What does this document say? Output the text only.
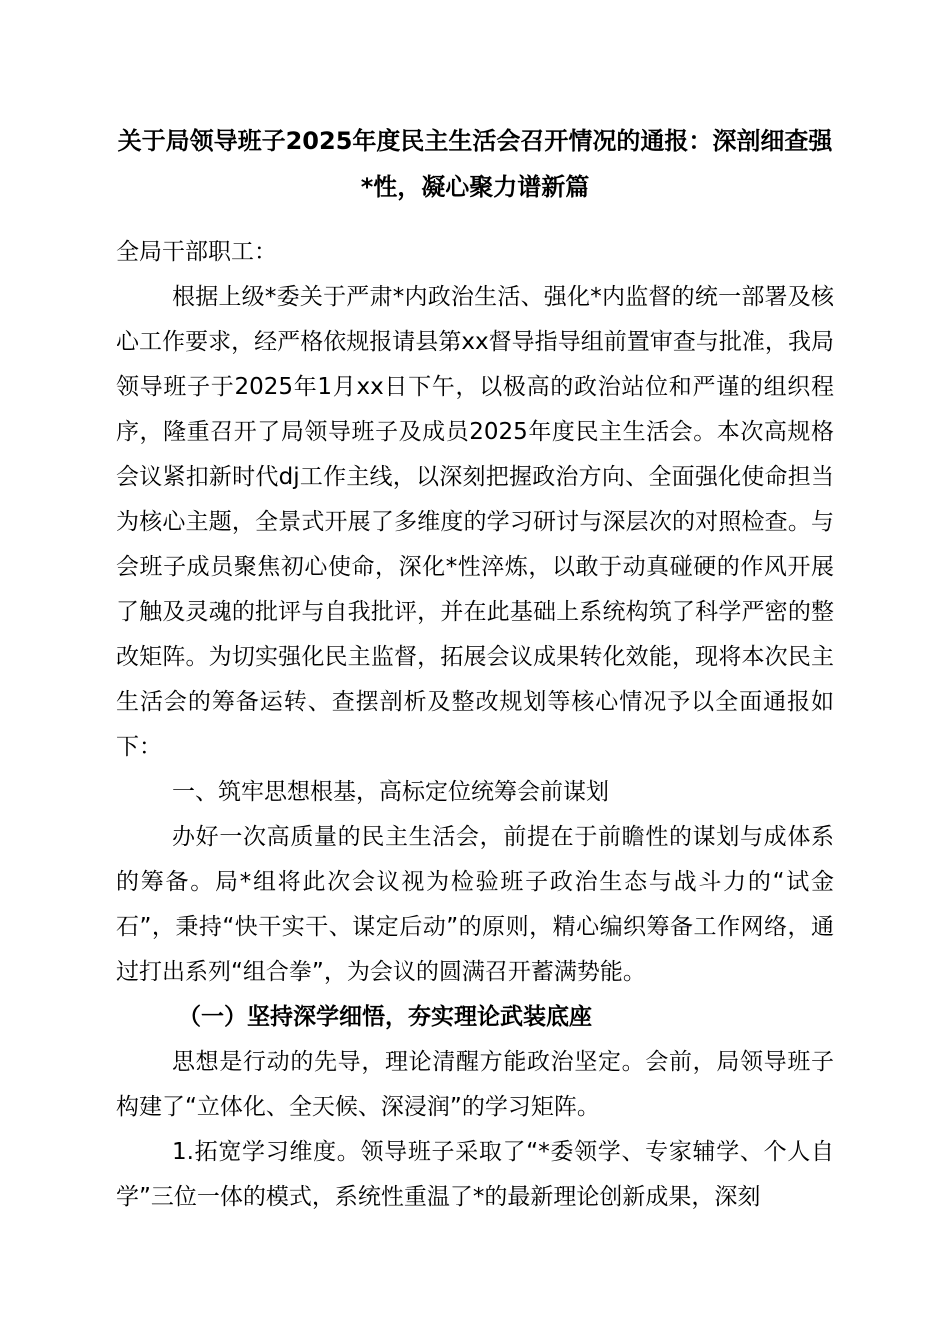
关于局领导班子2025年度民主生活会召开情况的通报：深剖细查强*性，凝心聚力谱新篇

全局干部职工：

根据上级*委关于严肃*内政治生活、强化*内监督的统一部署及核心工作要求，经严格依规报请县第xx督导指导组前置审查与批准，我局领导班子于2025年1月xx日下午，以极高的政治站位和严谨的组织程序，隆重召开了局领导班子及成员2025年度民主生活会。本次高规格会议紧扣新时代dj工作主线，以深刻把握政治方向、全面强化使命担当为核心主题，全景式开展了多维度的学习研讨与深层次的对照检查。与会班子成员聚焦初心使命，深化*性淬炼，以敢于动真碰硬的作风开展了触及灵魂的批评与自我批评，并在此基础上系统构筑了科学严密的整改矩阵。为切实强化民主监督，拓展会议成果转化效能，现将本次民主生活会的筹备运转、查摆剖析及整改规划等核心情况予以全面通报如下：

一、筑牢思想根基，高标定位统筹会前谋划

办好一次高质量的民主生活会，前提在于前瞻性的谋划与成体系的筹备。局*组将此次会议视为检验班子政治生态与战斗力的“试金石”，秉持“快干实干、谋定后动”的原则，精心编织筹备工作网络，通过打出系列“组合拳”，为会议的圆满召开蓄满势能。

（一）坚持深学细悟，夯实理论武装底座

思想是行动的先导，理论清醒方能政治坚定。会前，局领导班子构建了“立体化、全天候、深浸润”的学习矩阵。

1.拓宽学习维度。领导班子采取了“*委领学、专家辅学、个人自学”三位一体的模式，系统性重温了*的最新理论创新成果，深刻
